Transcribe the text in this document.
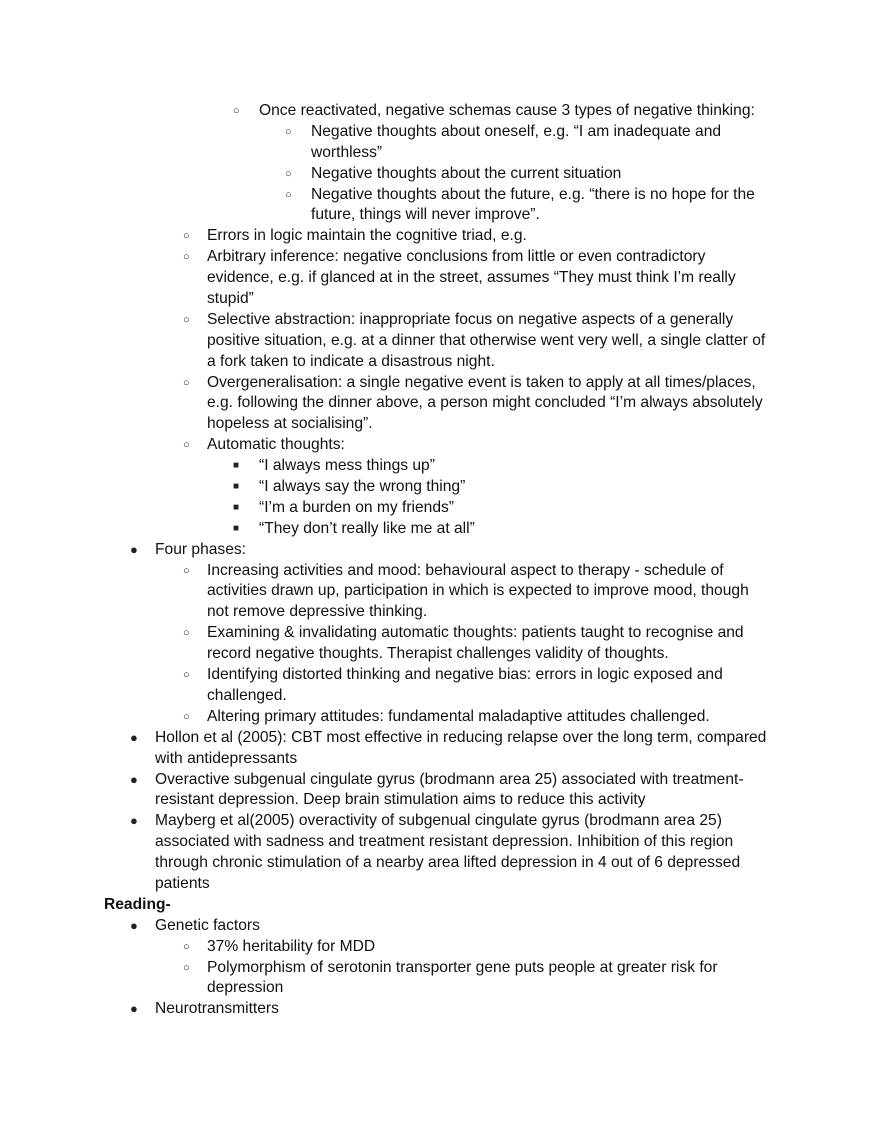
○ Once reactivated, negative schemas cause 3 types of negative thinking:
○ Negative thoughts about oneself, e.g. “I am inadequate and
worthless”
○ Negative thoughts about the current situation
○ Negative thoughts about the future, e.g. “there is no hope for the
future, things will never improve”.
○ Errors in logic maintain the cognitive triad, e.g.
○ Arbitrary inference: negative conclusions from little or even contradictory
evidence, e.g. if glanced at in the street, assumes “They must think I’m really
stupid”
○ Selective abstraction: inappropriate focus on negative aspects of a generally
positive situation, e.g. at a dinner that otherwise went very well, a single clatter of
a fork taken to indicate a disastrous night.
○ Overgeneralisation: a single negative event is taken to apply at all times/places,
e.g. following the dinner above, a person might concluded “I’m always absolutely
hopeless at socialising”.
○ Automatic thoughts:
■ “I always mess things up”
■ “I always say the wrong thing”
■ “I’m a burden on my friends”
■ “They don’t really like me at all”
● Four phases:
○ Increasing activities and mood: behavioural aspect to therapy - schedule of
activities drawn up, participation in which is expected to improve mood, though
not remove depressive thinking.
○ Examining & invalidating automatic thoughts: patients taught to recognise and
record negative thoughts. Therapist challenges validity of thoughts.
○ Identifying distorted thinking and negative bias: errors in logic exposed and
challenged.
○ Altering primary attitudes: fundamental maladaptive attitudes challenged.
● Hollon et al (2005): CBT most effective in reducing relapse over the long term, compared
with antidepressants
● Overactive subgenual cingulate gyrus (brodmann area 25) associated with treatment-
resistant depression. Deep brain stimulation aims to reduce this activity
● Mayberg et al(2005) overactivity of subgenual cingulate gyrus (brodmann area 25)
associated with sadness and treatment resistant depression. Inhibition of this region
through chronic stimulation of a nearby area lifted depression in 4 out of 6 depressed
patients
Reading-
● Genetic factors
○ 37% heritability for MDD
○ Polymorphism of serotonin transporter gene puts people at greater risk for
depression
● Neurotransmitters
